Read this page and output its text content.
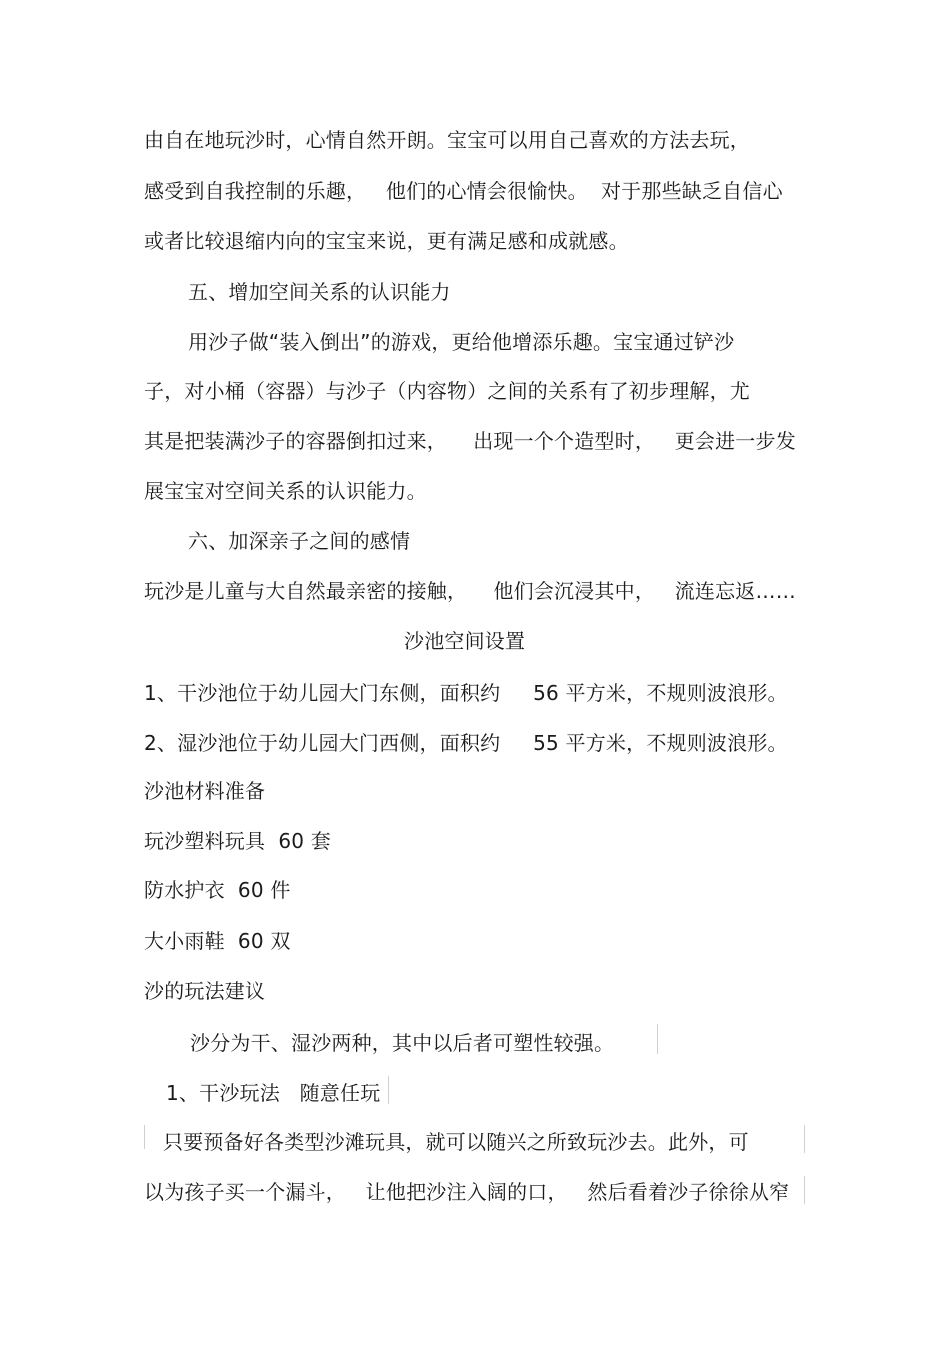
由自在地玩沙时，心情自然开朗。宝宝可以用自己喜欢的方法去玩，
感受到自我控制的乐趣，   他们的心情会很愉快。  对于那些缺乏自信心
或者比较退缩内向的宝宝来说，更有满足感和成就感。
五、增加空间关系的认识能力
用沙子做“装入倒出”的游戏，更给他增添乐趣。宝宝通过铲沙
子，对小桶（容器）与沙子（内容物）之间的关系有了初步理解，尤
其是把装满沙子的容器倒扣过来，    出现一个个造型时，   更会进一步发
展宝宝对空间关系的认识能力。
六、加深亲子之间的感情
玩沙是儿童与大自然最亲密的接触，    他们会沉浸其中，   流连忘返……
沙池空间设置
1、干沙池位于幼儿园大门东侧，面积约     56 平方米，不规则波浪形。
2、湿沙池位于幼儿园大门西侧，面积约     55 平方米，不规则波浪形。
沙池材料准备
玩沙塑料玩具  60 套
防水护衣  60 件
大小雨鞋  60 双
沙的玩法建议
沙分为干、湿沙两种，其中以后者可塑性较强。
1、干沙玩法   随意任玩
只要预备好各类型沙滩玩具，就可以随兴之所致玩沙去。此外，可
以为孩子买一个漏斗，   让他把沙注入阔的口，   然后看着沙子徐徐从窄
